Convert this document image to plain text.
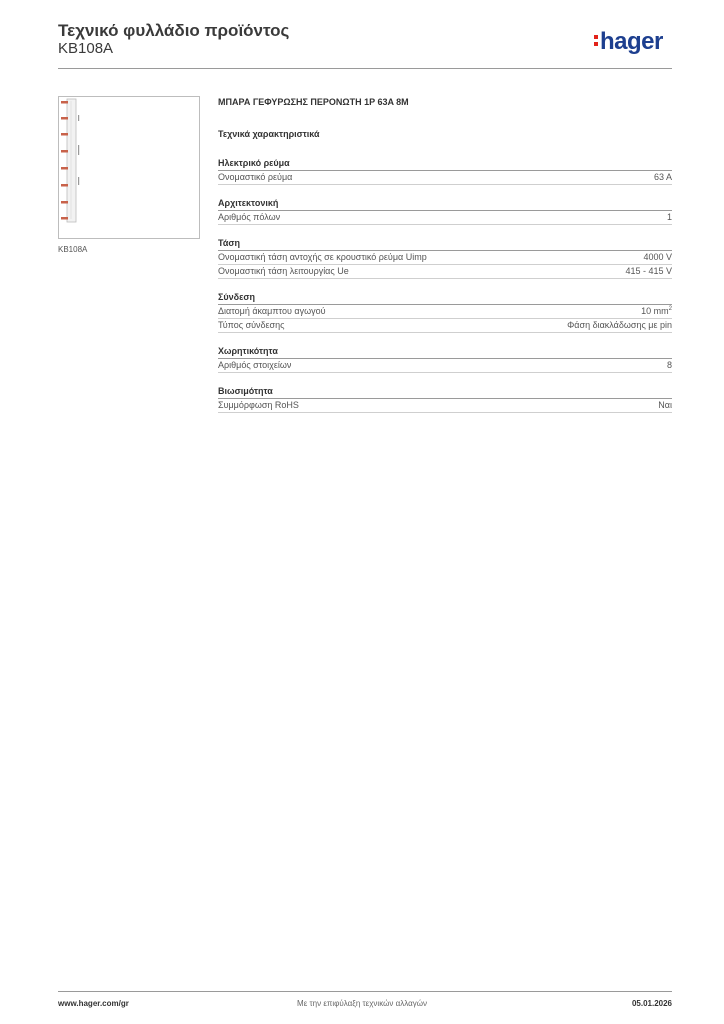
Τεχνικό φυλλάδιο προϊόντος
KB108A	hager
KB108A
ΜΠΑΡΑ ΓΕΦΥΡΩΣΗΣ ΠΕΡΟΝΩΤΗ 1P 63A 8M
Τεχνικά χαρακτηριστικά
Ηλεκτρικό ρεύμα
Ονομαστικό ρεύμα	63 A
Αρχιτεκτονική
Αριθμός πόλων	1
Τάση
Ονομαστική τάση αντοχής σε κρουστικό ρεύμα Uimp	4000 V
Ονομαστική τάση λειτουργίας Ue	415 - 415 V
Σύνδεση
Διατομή άκαμπτου αγωγού	10 $mm^2$
Τύπος σύνδεσης	Φάση διακλάδωσης με pin
Χωρητικότητα
Αριθμός στοιχείων	8
Βιωσιμότητα
Συμμόρφωση RoHS	Ναι
www.hager.com/gr	Με την επιφύλαξη τεχνικών αλλαγών	05.01.2026
